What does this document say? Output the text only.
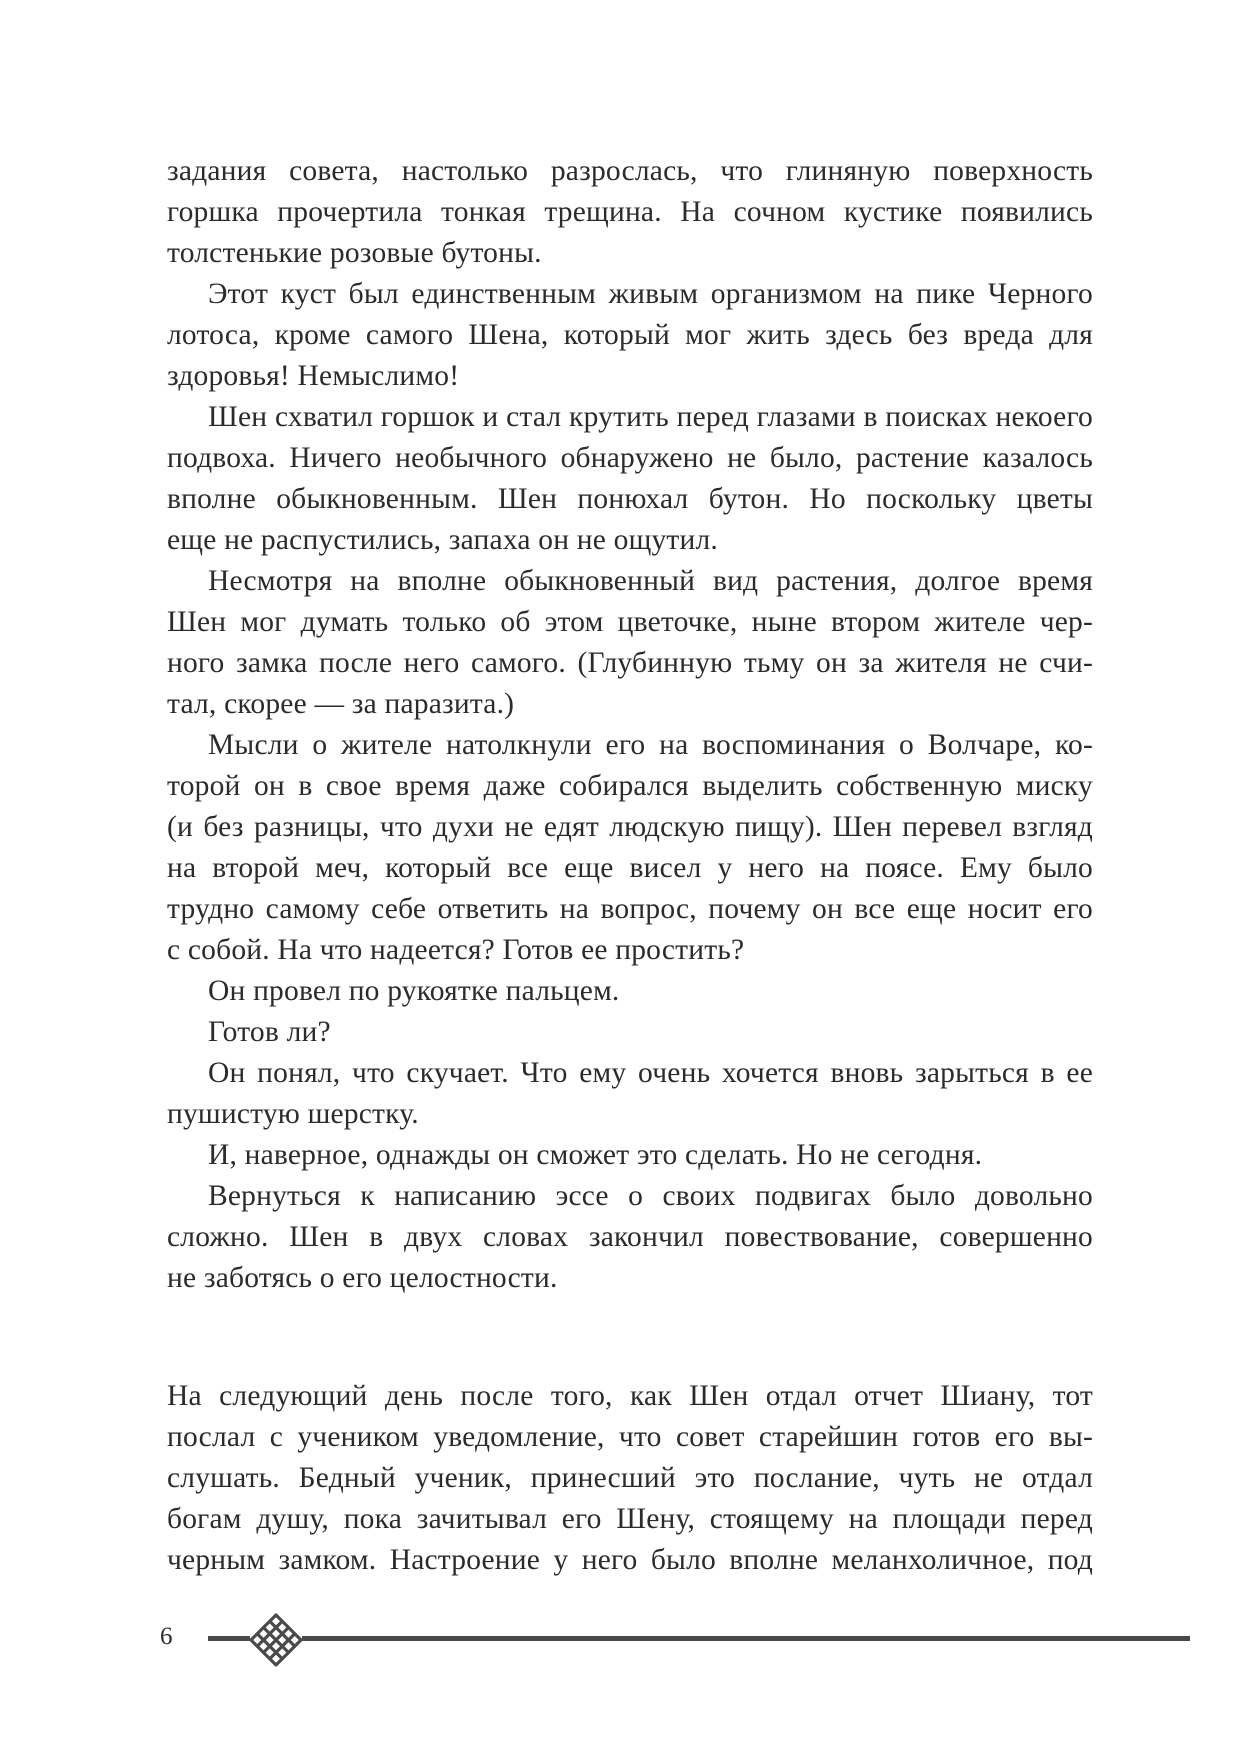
задания совета, настолько разрослась, что глиняную поверхность
горшка прочертила тонкая трещина. На сочном кустике появились
толстенькие розовые бутоны.

Этот куст был единственным живым организмом на пике Черного
лотоса, кроме самого Шена, который мог жить здесь без вреда для
здоровья! Немыслимо!

Шен схватил горшок и стал крутить перед глазами в поисках некоего
подвоха. Ничего необычного обнаружено не было, растение казалось
вполне обыкновенным. Шен понюхал бутон. Но поскольку цветы
еще не распустились, запаха он не ощутил.

Несмотря на вполне обыкновенный вид растения, долгое время
Шен мог думать только об этом цветочке, ныне втором жителе чер-
ного замка после него самого. (Глубинную тьму он за жителя не счи-
тал, скорее — за паразита.)

Мысли о жителе натолкнули его на воспоминания о Волчаре, ко-
торой он в свое время даже собирался выделить собственную миску
(и без разницы, что духи не едят людскую пищу). Шен перевел взгляд
на второй меч, который все еще висел у него на поясе. Ему было
трудно самому себе ответить на вопрос, почему он все еще носит его
с собой. На что надеется? Готов ее простить?

Он провел по рукоятке пальцем.

Готов ли?

Он понял, что скучает. Что ему очень хочется вновь зарыться в ее
пушистую шерстку.

И, наверное, однажды он сможет это сделать. Но не сегодня.

Вернуться к написанию эссе о своих подвигах было довольно
сложно. Шен в двух словах закончил повествование, совершенно
не заботясь о его целостности.

На следующий день после того, как Шен отдал отчет Шиану, тот
послал с учеником уведомление, что совет старейшин готов его вы-
слушать. Бедный ученик, принесший это послание, чуть не отдал
богам душу, пока зачитывал его Шену, стоящему на площади перед
черным замком. Настроение у него было вполне меланхоличное, под

6
